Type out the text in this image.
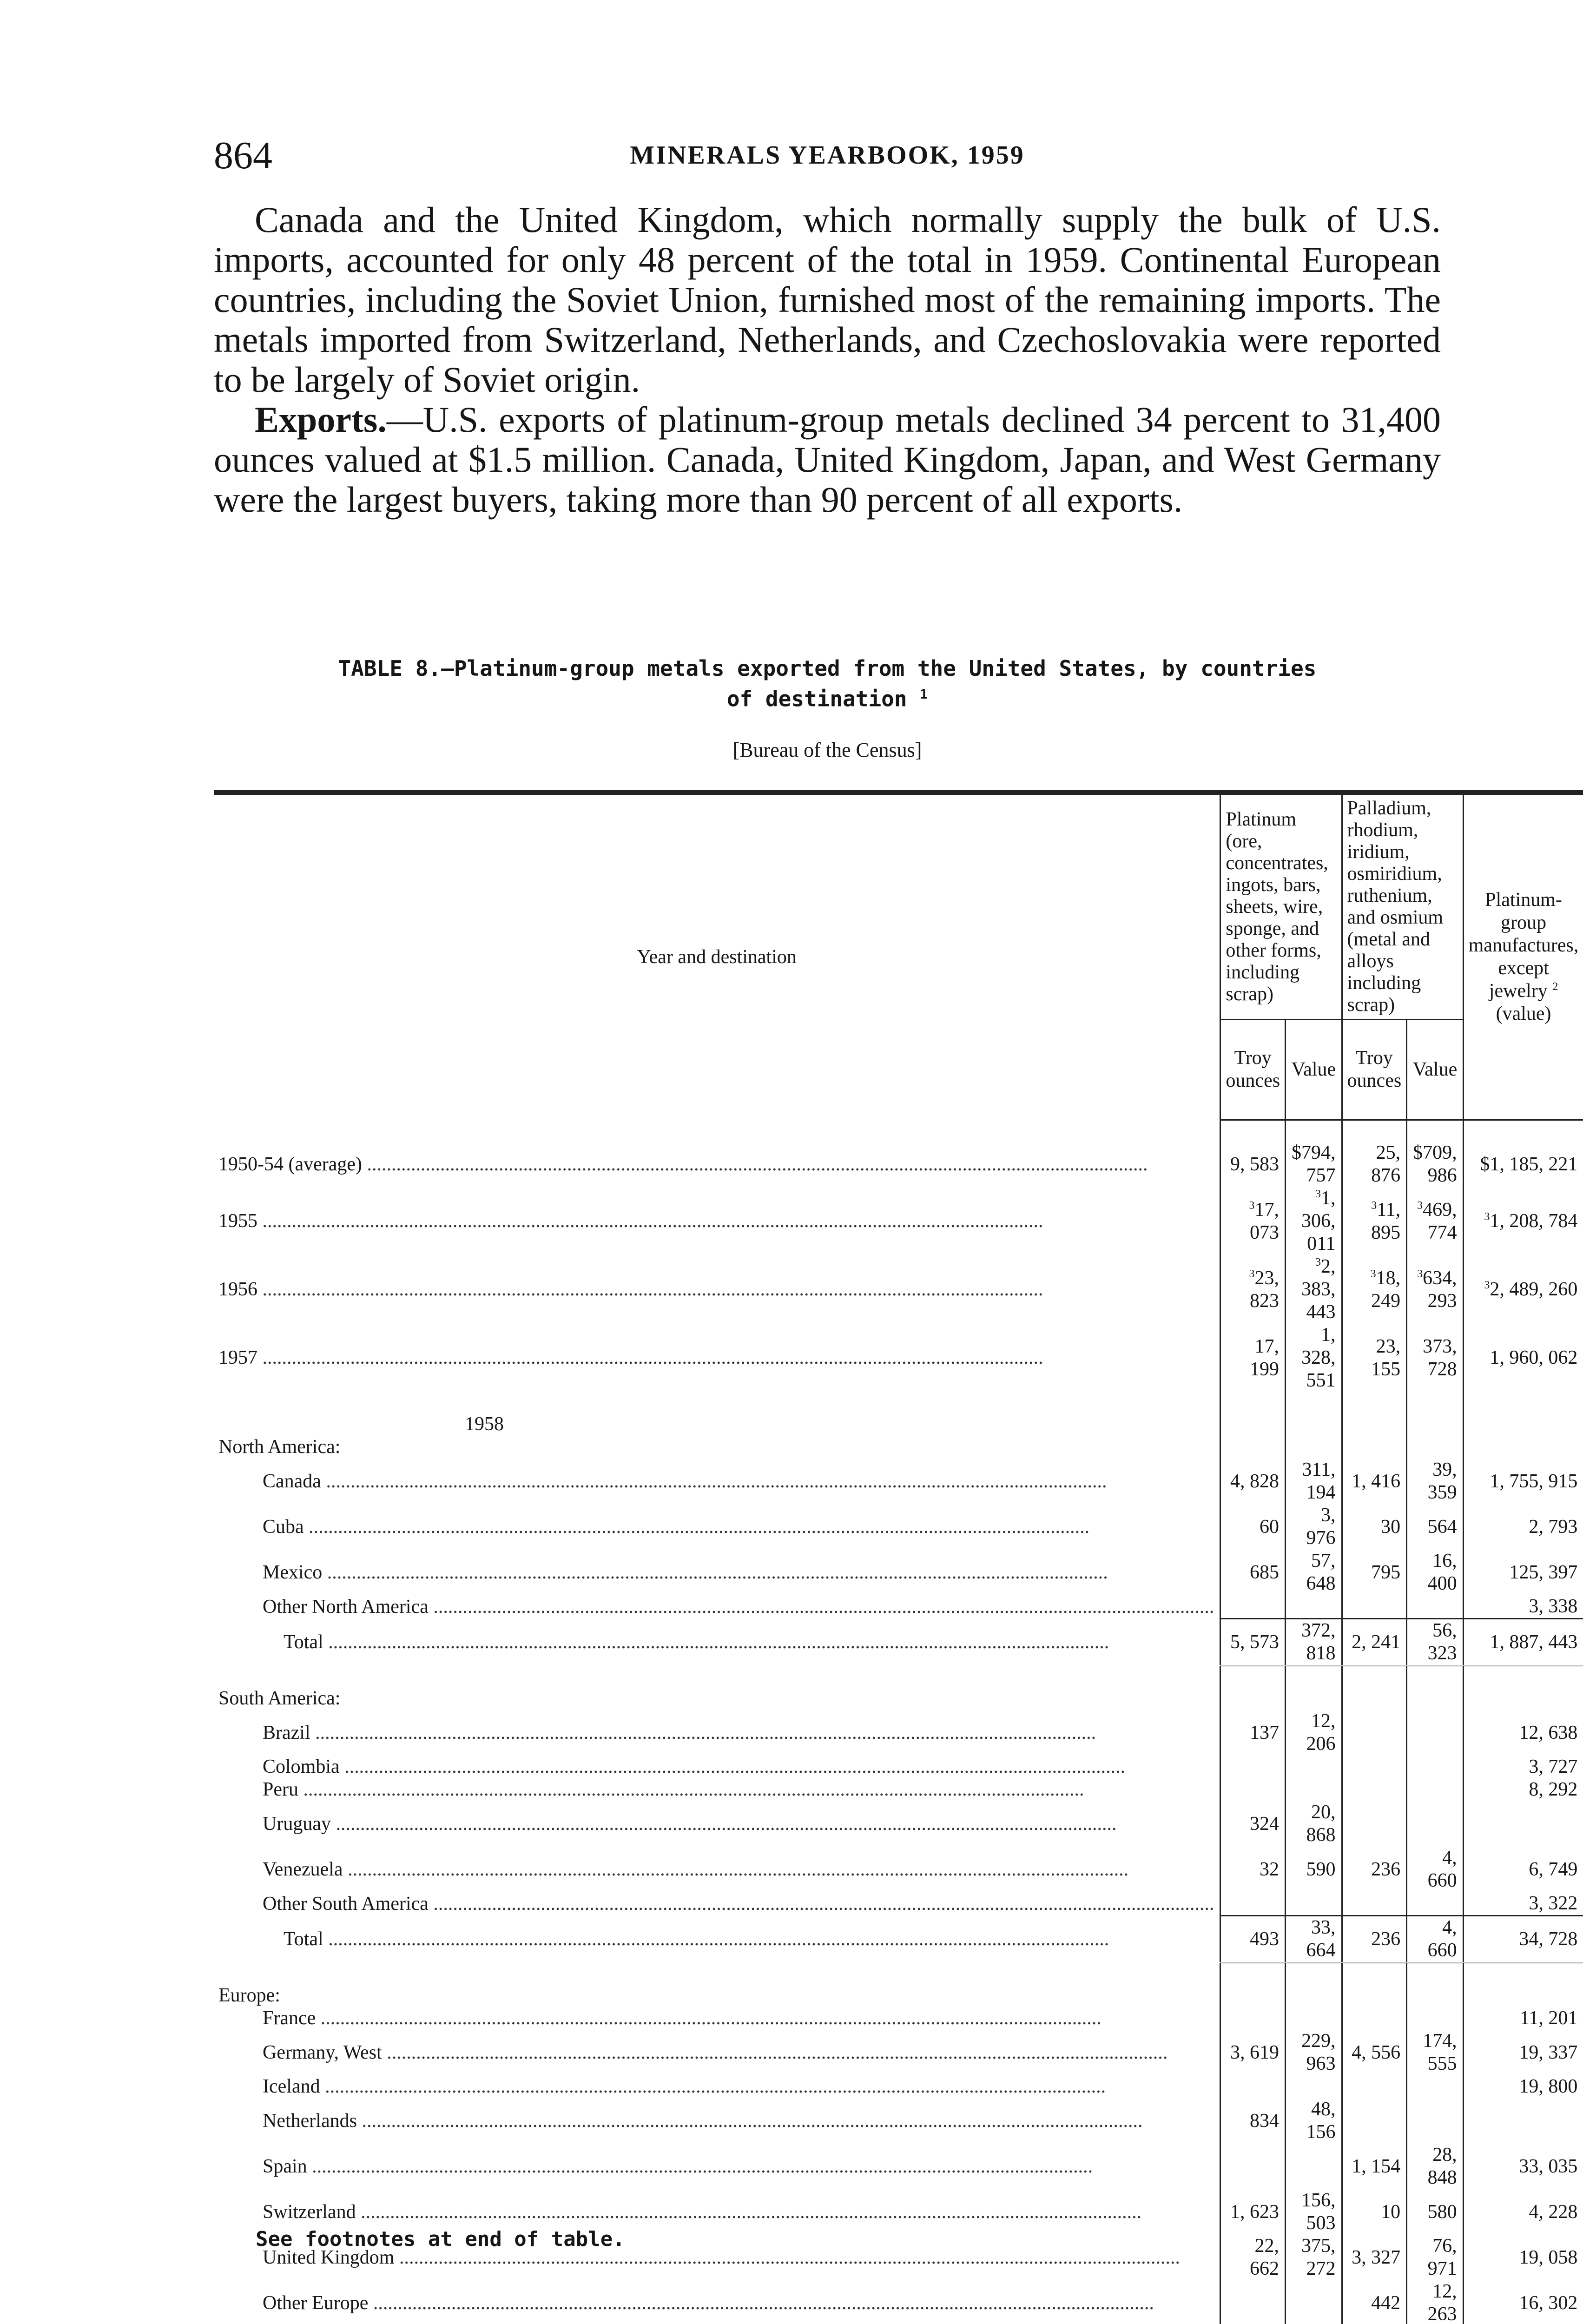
864	MINERALS YEARBOOK, 1959

Canada and the United Kingdom, which normally supply the bulk of U.S. imports, accounted for only 48 percent of the total in 1959. Continental European countries, including the Soviet Union, furnished most of the remaining imports. The metals imported from Switzerland, Netherlands, and Czechoslovakia were reported to be largely of Soviet origin.

Exports.—U.S. exports of platinum-group metals declined 34 percent to 31,400 ounces valued at $1.5 million. Canada, United Kingdom, Japan, and West Germany were the largest buyers, taking more than 90 percent of all exports.

TABLE 8.—Platinum-group metals exported from the United States, by countries
of destination $^1$
[Bureau of the Census]
Year and destination	Platinum (ore, concentrates, ingots, bars, sheets, wire, sponge, and other forms, including scrap)		Palladium, rhodium, iridium, osmiridium, ruthenium, and osmium (metal and alloys including scrap)		Platinum-group manufactures, except jewelry $^2$
(value)
	Troy ounces	Value	Troy ounces	Value	

1950-54 (average) ................................................................................................................................................................	9, 583	$794, 757	25, 876	$709, 986	$1, 185, 221
1955 ................................................................................................................................................................	$^3$17, 073	$^3$1, 306, 011	$^3$11, 895	$^3$469, 774	$^3$1, 208, 784
1956 ................................................................................................................................................................	$^3$23, 823	$^3$2, 383, 443	$^3$18, 249	$^3$634, 293	$^3$2, 489, 260
1957 ................................................................................................................................................................	17, 199	1, 328, 551	23, 155	373, 728	1, 960, 062

1958					
North America:					
Canada ................................................................................................................................................................	4, 828	311, 194	1, 416	39, 359	1, 755, 915
Cuba ................................................................................................................................................................	60	3, 976	30	564	2, 793
Mexico ................................................................................................................................................................	685	57, 648	795	16, 400	125, 397
Other North America ................................................................................................................................................................					3, 338
Total ................................................................................................................................................................	5, 573	372, 818	2, 241	56, 323	1, 887, 443

South America:					
Brazil ................................................................................................................................................................	137	12, 206			12, 638
Colombia ................................................................................................................................................................					3, 727
Peru ................................................................................................................................................................					8, 292
Uruguay ................................................................................................................................................................	324	20, 868			
Venezuela ................................................................................................................................................................	32	590	236	4, 660	6, 749
Other South America ................................................................................................................................................................					3, 322
Total ................................................................................................................................................................	493	33, 664	236	4, 660	34, 728

Europe:					
France ................................................................................................................................................................					11, 201
Germany, West ................................................................................................................................................................	3, 619	229, 963	4, 556	174, 555	19, 337
Iceland ................................................................................................................................................................					19, 800
Netherlands ................................................................................................................................................................	834	48, 156			
Spain ................................................................................................................................................................			1, 154	28, 848	33, 035
Switzerland ................................................................................................................................................................	1, 623	156, 503	10	580	4, 228
United Kingdom ................................................................................................................................................................	22, 662	375, 272	3, 327	76, 971	19, 058
Other Europe ................................................................................................................................................................			442	12, 263	16, 302

See footnotes at end of table.
